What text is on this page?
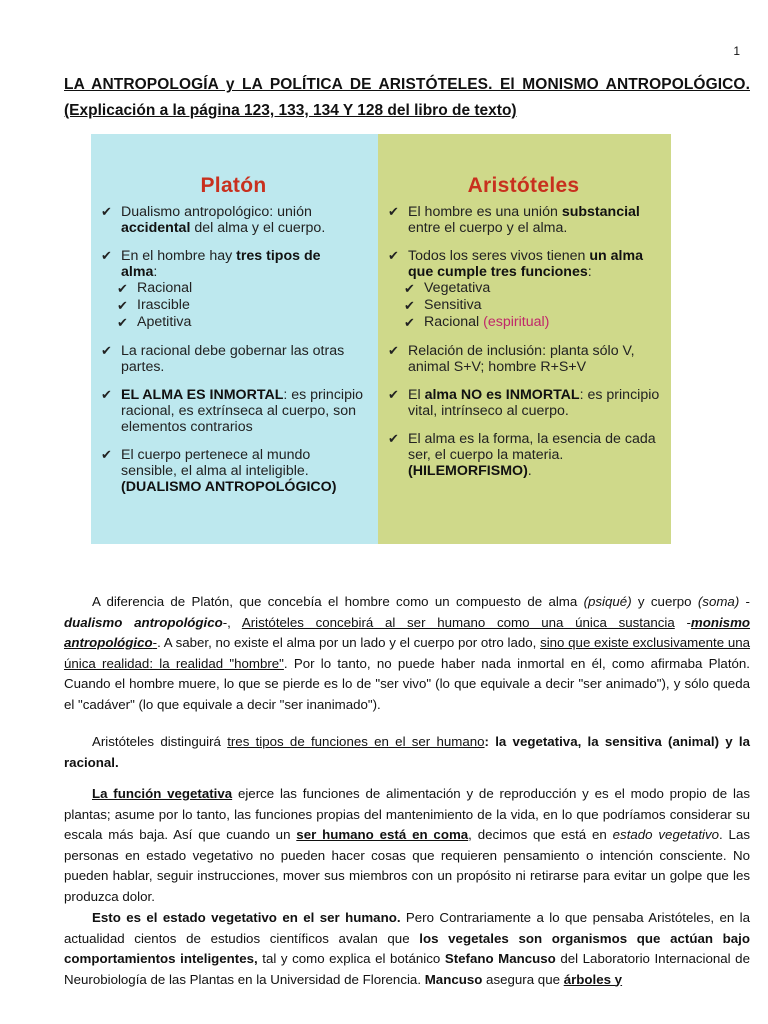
1
LA ANTROPOLOGÍA y LA POLÍTICA DE ARISTÓTELES. El MONISMO ANTROPOLÓGICO.
(Explicación a la página 123, 133, 134 Y 128 del libro de texto)
Platón
✔ Dualismo antropológico: unión accidental del alma y el cuerpo.
✔ En el hombre hay tres tipos de
alma:
✔ Racional
✔ Irascible
✔ Apetitiva
✔ La racional debe gobernar las otras partes.
✔ EL ALMA ES INMORTAL: es principio racional, es extrínseca al cuerpo, son elementos contrarios
✔ El cuerpo pertenece al mundo sensible, el alma al inteligible. (DUALISMO ANTROPOLÓGICO)
Aristóteles
✔ El hombre es una unión substancial entre el cuerpo y el alma.
✔ Todos los seres vivos tienen un alma que cumple tres funciones:
✔ Vegetativa
✔ Sensitiva
✔ Racional (espiritual)
✔ Relación de inclusión: planta sólo V, animal S+V; hombre R+S+V
✔ El alma NO es INMORTAL: es principio vital, intrínseco al cuerpo.
✔ El alma es la forma, la esencia de cada ser, el cuerpo la materia. (HILEMORFISMO).
A diferencia de Platón, que concebía el hombre como un compuesto de alma (psiqué) y cuerpo (soma) -dualismo antropológico-, Aristóteles concebirá al ser humano como una única sustancia -monismo antropológico-. A saber, no existe el alma por un lado y el cuerpo por otro lado, sino que existe exclusivamente una única realidad: la realidad "hombre". Por lo tanto, no puede haber nada inmortal en él, como afirmaba Platón. Cuando el hombre muere, lo que se pierde es lo de "ser vivo" (lo que equivale a decir "ser animado"), y sólo queda el "cadáver" (lo que equivale a decir "ser inanimado").
Aristóteles distinguirá tres tipos de funciones en el ser humano: la vegetativa, la sensitiva (animal) y la racional.
La función vegetativa ejerce las funciones de alimentación y de reproducción y es el modo propio de las plantas; asume por lo tanto, las funciones propias del mantenimiento de la vida, en lo que podríamos considerar su escala más baja. Así que cuando un ser humano está en coma, decimos que está en estado vegetativo. Las personas en estado vegetativo no pueden hacer cosas que requieren pensamiento o intención consciente. No pueden hablar, seguir instrucciones, mover sus miembros con un propósito ni retirarse para evitar un golpe que les produzca dolor.
Esto es el estado vegetativo en el ser humano. Pero Contrariamente a lo que pensaba Aristóteles, en la actualidad cientos de estudios científicos avalan que los vegetales son organismos que actúan bajo comportamientos inteligentes, tal y como explica el botánico Stefano Mancuso del Laboratorio Internacional de Neurobiología de las Plantas en la Universidad de Florencia. Mancuso asegura que árboles y
